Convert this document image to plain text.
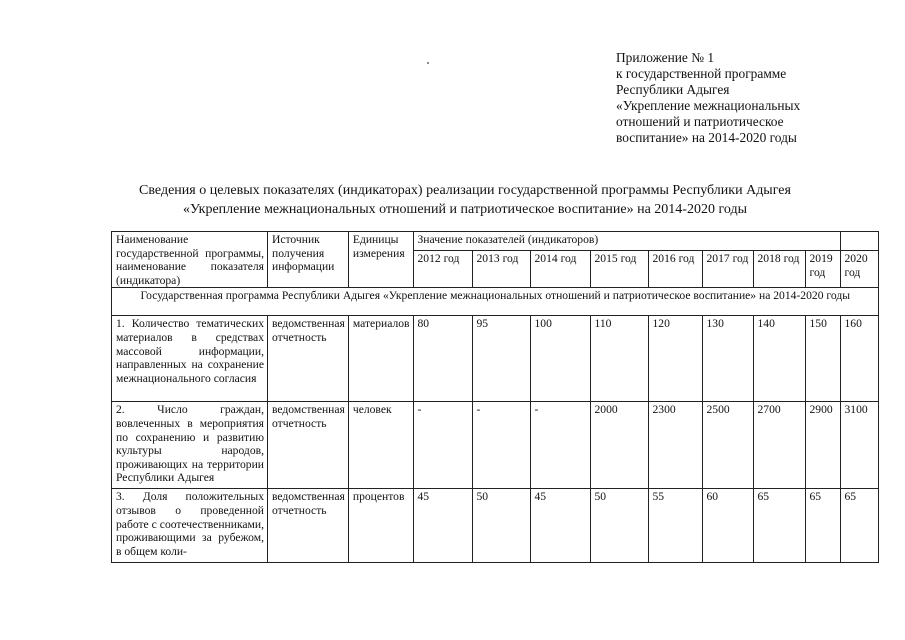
Приложение № 1
к государственной программе
Республики Адыгея
«Укрепление межнациональных
отношений и патриотическое
воспитание» на 2014-2020 годы
Сведения о целевых показателях (индикаторах) реализации государственной программы Республики Адыгея
«Укрепление межнациональных отношений и патриотическое воспитание» на 2014-2020 годы
Наименование государственной программы, наименование показателя (индикатора)	Источник получения информации	Единицы измерения	Значение показателей (индикаторов)								
			2012 год	2013 год	2014 год	2015 год	2016 год	2017 год	2018 год	2019 год	2020 год
Государственная программа Республики Адыгея «Укрепление межнациональных отношений и патриотическое воспитание» на 2014-2020 годы											
1. Количество тематических материалов в средствах массовой информации, направленных на сохранение межнационального согласия	ведомственная отчетность	материалов	80	95	100	110	120	130	140	150	160
2. Число граждан, вовлеченных в мероприятия по сохранению и развитию культуры народов, проживающих на территории Республики Адыгея	ведомственная отчетность	человек	-	-	-	2000	2300	2500	2700	2900	3100
3. Доля положительных отзывов о проведенной работе с соотечественниками, проживающими за рубежом, в общем коли-	ведомственная отчетность	процентов	45	50	45	50	55	60	65	65	65
